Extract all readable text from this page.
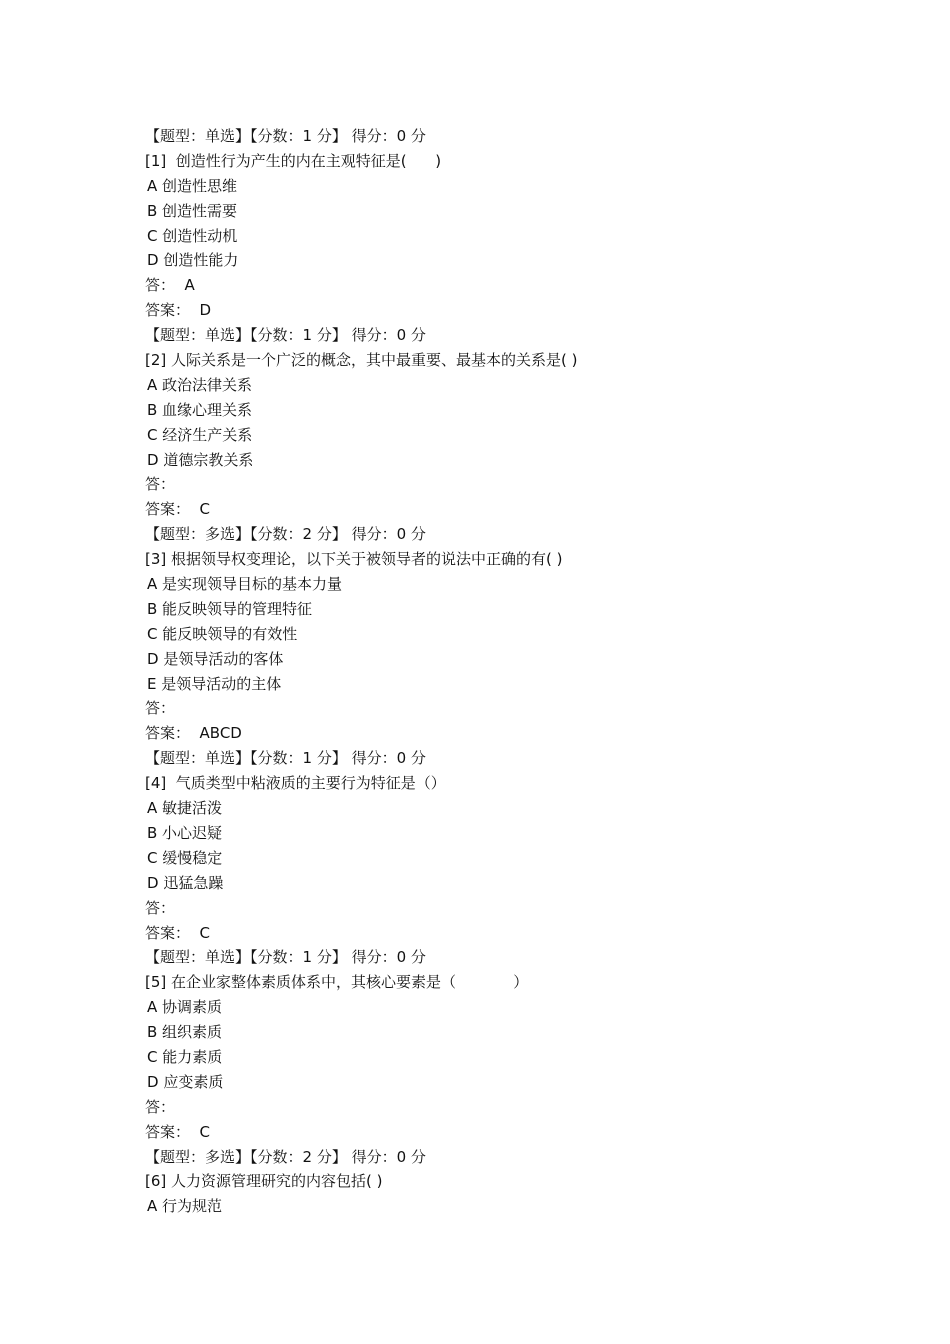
【题型：单选】【分数：1 分】 得分：0 分
[1]  创造性行为产生的内在主观特征是(      )
A 创造性思维
B 创造性需要
C 创造性动机
D 创造性能力
答：  A
答案：  D
【题型：单选】【分数：1 分】 得分：0 分
[2] 人际关系是一个广泛的概念，其中最重要、最基本的关系是( )
A 政治法律关系
B 血缘心理关系
C 经济生产关系
D 道德宗教关系
答：
答案：  C
【题型：多选】【分数：2 分】 得分：0 分
[3] 根据领导权变理论，以下关于被领导者的说法中正确的有( )
A 是实现领导目标的基本力量
B 能反映领导的管理特征
C 能反映领导的有效性
D 是领导活动的客体
E 是领导活动的主体
答：
答案：  ABCD
【题型：单选】【分数：1 分】 得分：0 分
[4]  气质类型中粘液质的主要行为特征是（）
A 敏捷活泼
B 小心迟疑
C 缓慢稳定
D 迅猛急躁
答：
答案：  C
【题型：单选】【分数：1 分】 得分：0 分
[5] 在企业家整体素质体系中，其核心要素是（            ）
A 协调素质
B 组织素质
C 能力素质
D 应变素质
答：
答案：  C
【题型：多选】【分数：2 分】 得分：0 分
[6] 人力资源管理研究的内容包括( )
A 行为规范
